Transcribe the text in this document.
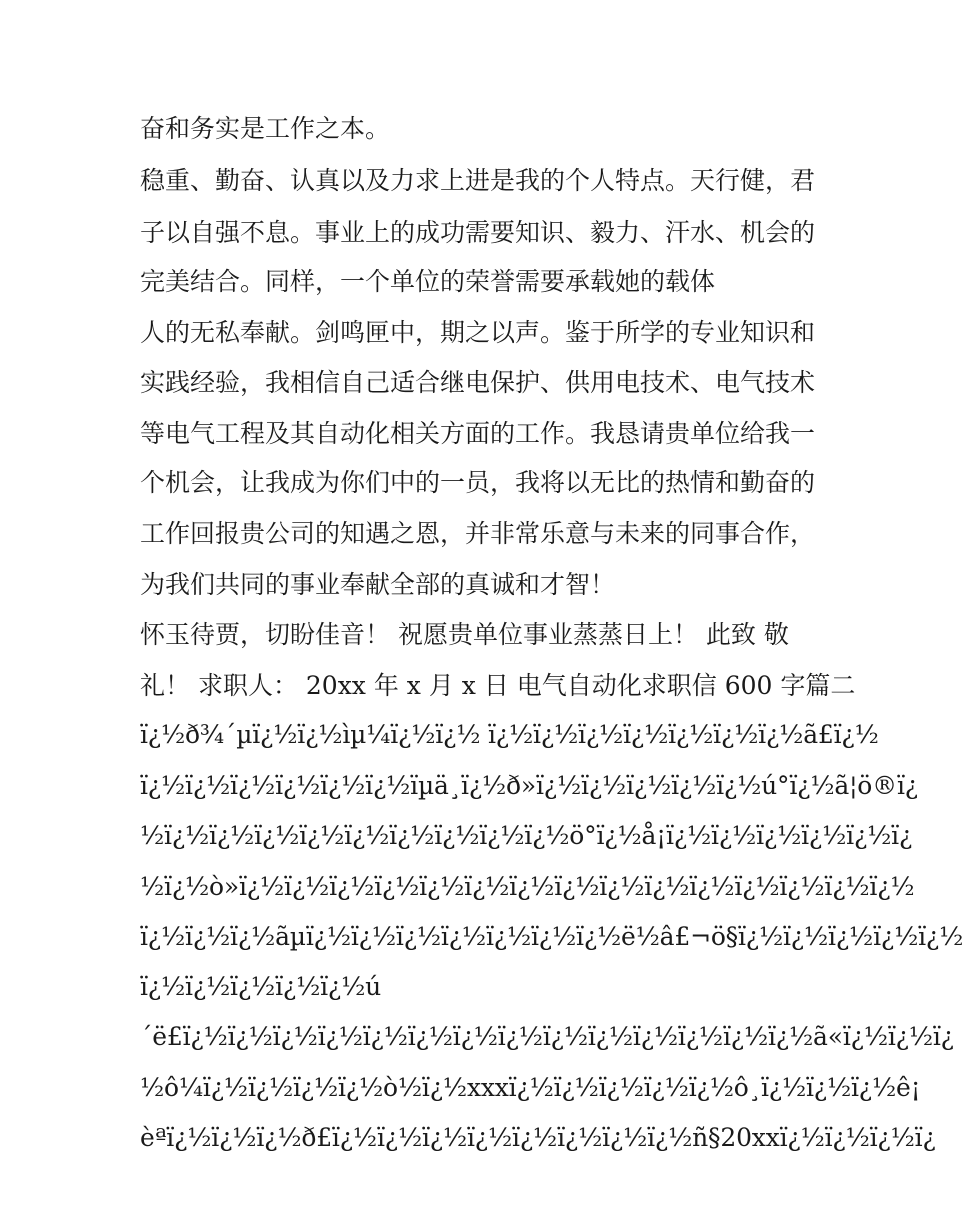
奋和务实是工作之本。
稳重、勤奋、认真以及力求上进是我的个人特点。天行健，君
子以自强不息。事业上的成功需要知识、毅力、汗水、机会的
完美结合。同样，一个单位的荣誉需要承载她的载体
人的无私奉献。剑鸣匣中，期之以声。鉴于所学的专业知识和
实践经验，我相信自己适合继电保护、供用电技术、电气技术
等电气工程及其自动化相关方面的工作。我恳请贵单位给我一
个机会，让我成为你们中的一员，我将以无比的热情和勤奋的
工作回报贵公司的知遇之恩，并非常乐意与未来的同事合作，
为我们共同的事业奉献全部的真诚和才智！
怀玉待贾，切盼佳音！ 祝愿贵单位事业蒸蒸日上！ 此致 敬
礼！ 求职人： 20xx 年 x 月 x 日 电气自动化求职信 600 字篇二
ï¿½ð¾´µï¿½ï¿½ìµ¼ï¿½ï¿½ ï¿½ï¿½ï¿½ï¿½ï¿½ï¿½ï¿½ã£ï¿½
ï¿½ï¿½ï¿½ï¿½ï¿½ï¿½ïµä¸ï¿½ð»ï¿½ï¿½ï¿½ï¿½ï¿½ú°ï¿½ã¦ö®ï¿
½ï¿½ï¿½ï¿½ï¿½ï¿½ï¿½ï¿½ï¿½ï¿½ö°ï¿½å¡ï¿½ï¿½ï¿½ï¿½ï¿½ï¿
½ï¿½ò»ï¿½ï¿½ï¿½ï¿½ï¿½ï¿½ï¿½ï¿½ï¿½ï¿½ï¿½ï¿½ï¿½ï¿½ï¿½
ï¿½ï¿½ï¿½ãµï¿½ï¿½ï¿½ï¿½ï¿½ï¿½ï¿½ë½â£¬ö§ï¿½ï¿½ï¿½ï¿½ï¿½
ï¿½ï¿½ï¿½ï¿½ï¿½ú
´ë£ï¿½ï¿½ï¿½ï¿½ï¿½ï¿½ï¿½ï¿½ï¿½ï¿½ï¿½ï¿½ï¿½ï¿½ã«ï¿½ï¿½ï¿
½ô¼ï¿½ï¿½ï¿½ï¿½ò½ï¿½xxxï¿½ï¿½ï¿½ï¿½ï¿½ô¸ï¿½ï¿½ï¿½ê¡
èªï¿½ï¿½ï¿½ð£ï¿½ï¿½ï¿½ï¿½ï¿½ï¿½ï¿½ï¿½ñ§20xxï¿½ï¿½ï¿½ï¿
